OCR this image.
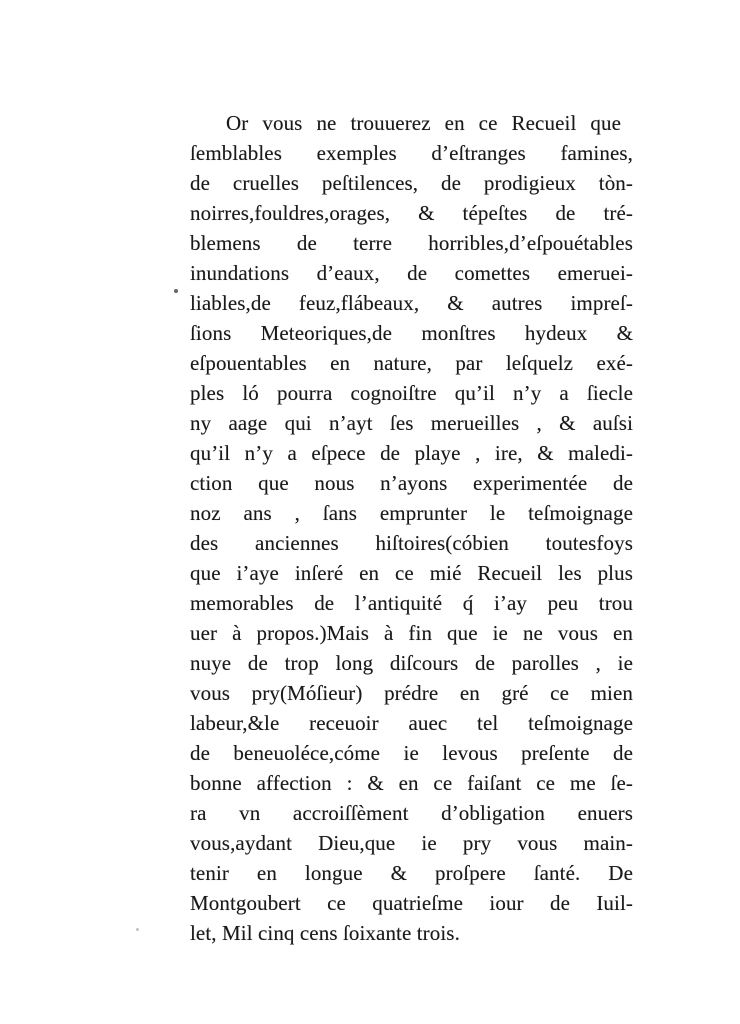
Or vous ne trouuerez en ce Recueil que
ſemblables exemples d’eſtranges famines,
de cruelles peſtilences, de prodigieux tòn-
noirres,fouldres,orages, & tépeſtes de tré-
blemens de terre horribles,d’eſpouétables
inundations d’eaux, de comettes emeruei-
liables,de feuz,flábeaux, & autres impreſ-
ſions Meteoriques,de monſtres hydeux &
eſpouentables en nature, par leſquelz exé-
ples ló pourra cognoiſtre qu’il n’y a ſiecle
ny aage qui n’ayt ſes merueilles , & auſsi
qu’il n’y a eſpece de playe , ire, & maledi-
ction que nous n’ayons experimentée de
noz ans , ſans emprunter le teſmoignage
des anciennes hiſtoires(cóbien toutesfoys
que i’aye inſeré en ce mié Recueil les plus
memorables de l’antiquité q́ i’ay peu trou
uer à propos.)Mais à fin que ie ne vous en
nuye de trop long diſcours de parolles , ie
vous pry(Móſieur) prédre en gré ce mien
labeur,&le receuoir auec tel teſmoignage
de beneuoléce,cóme ie levous preſente de
bonne affection : & en ce faiſant ce me ſe-
ra vn accroiſſèment d’obligation enuers
vous,aydant Dieu,que ie pry vous main-
tenir en longue & proſpere ſanté. De
Montgoubert ce quatrieſme iour de Iuil-
let, Mil cinq cens ſoixante trois.
